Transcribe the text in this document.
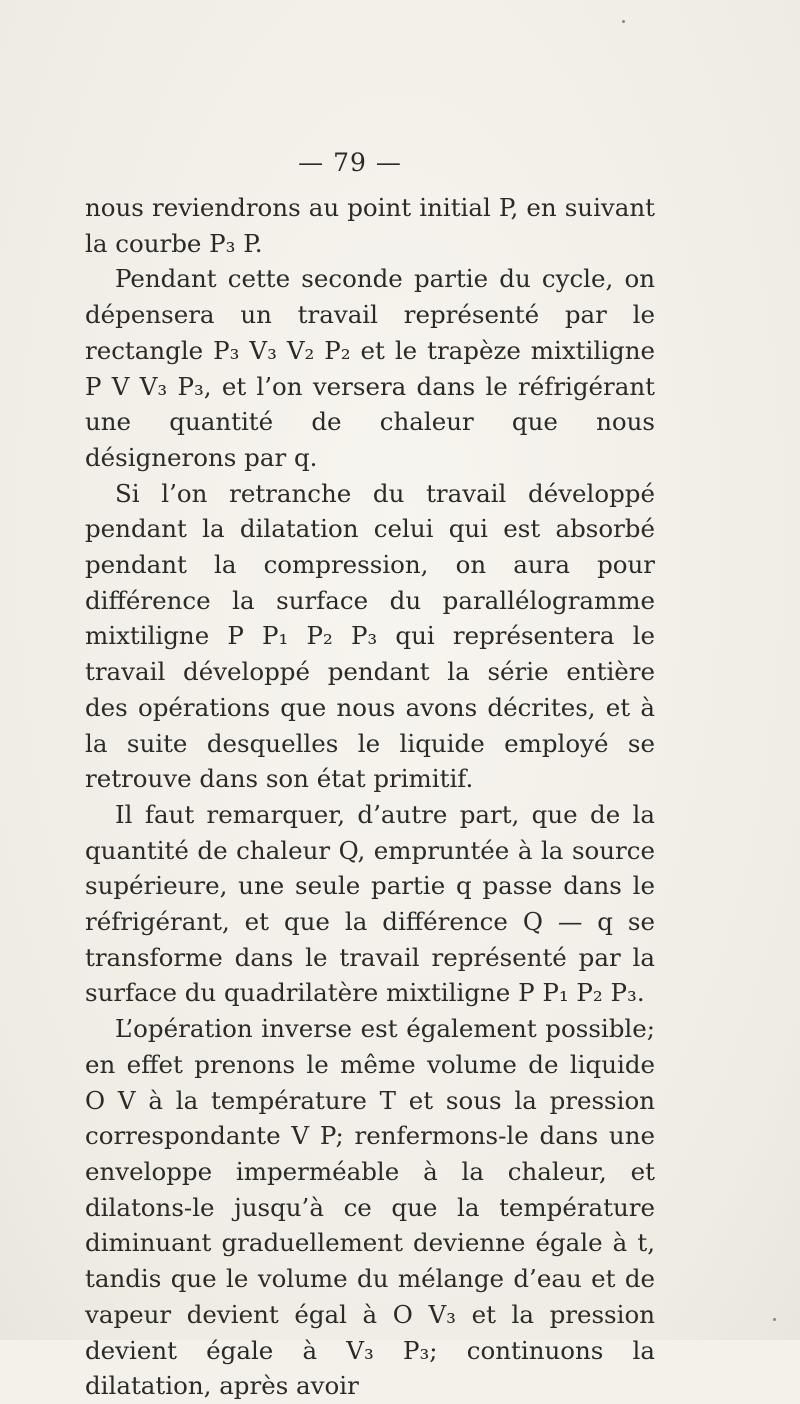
— 79 —

nous reviendrons au point initial P, en suivant la courbe P₃ P.

Pendant cette seconde partie du cycle, on dépensera un travail représenté par le rectangle P₃ V₃ V₂ P₂ et le trapèze mixtiligne P V V₃ P₃, et l’on versera dans le réfrigérant une quantité de chaleur que nous désignerons par q.

Si l’on retranche du travail développé pendant la dilatation celui qui est absorbé pendant la compression, on aura pour différence la surface du parallélogramme mixtiligne P P₁ P₂ P₃ qui représentera le travail développé pendant la série entière des opérations que nous avons décrites, et à la suite desquelles le liquide employé se retrouve dans son état primitif.

Il faut remarquer, d’autre part, que de la quantité de chaleur Q, empruntée à la source supérieure, une seule partie q passe dans le réfrigérant, et que la différence Q — q se transforme dans le travail représenté par la surface du quadrilatère mixtiligne P P₁ P₂ P₃.

L’opération inverse est également possible; en effet prenons le même volume de liquide O V à la température T et sous la pression correspondante V P; renfermons-le dans une enveloppe imperméable à la chaleur, et dilatons-le jusqu’à ce que la température diminuant graduellement devienne égale à t, tandis que le volume du mélange d’eau et de vapeur devient égal à O V₃ et la pression devient égale à V₃ P₃; continuons la dilatation, après avoir
